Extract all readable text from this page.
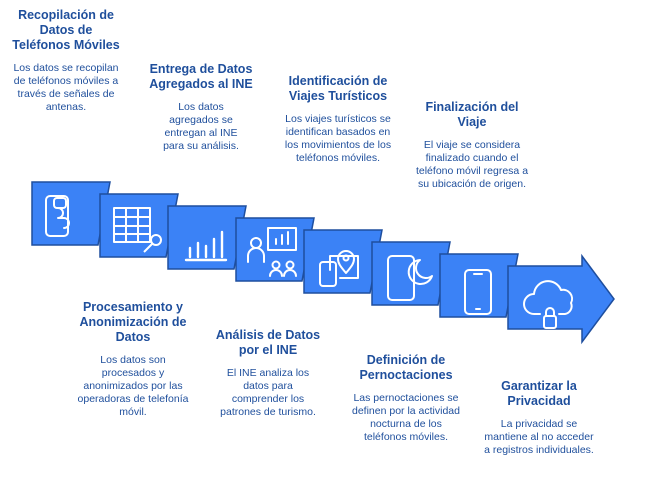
Recopilación de Datos de Teléfonos Móviles
Los datos se recopilan de teléfonos móviles a través de señales de antenas.
Entrega de Datos Agregados al INE
Los datos agregados se entregan al INE para su análisis.
Identificación de Viajes Turísticos
Los viajes turísticos se identifican basados en los movimientos de los teléfonos móviles.
Finalización del Viaje
El viaje se considera finalizado cuando el teléfono móvil regresa a su ubicación de origen.
Procesamiento y Anonimización de Datos
Los datos son procesados y anonimizados por las operadoras de telefonía móvil.
Análisis de Datos por el INE
El INE analiza los datos para comprender los patrones de turismo.
Definición de Pernoctaciones
Las pernoctaciones se definen por la actividad nocturna de los teléfonos móviles.
Garantizar la Privacidad
La privacidad se mantiene al no acceder a registros individuales.
